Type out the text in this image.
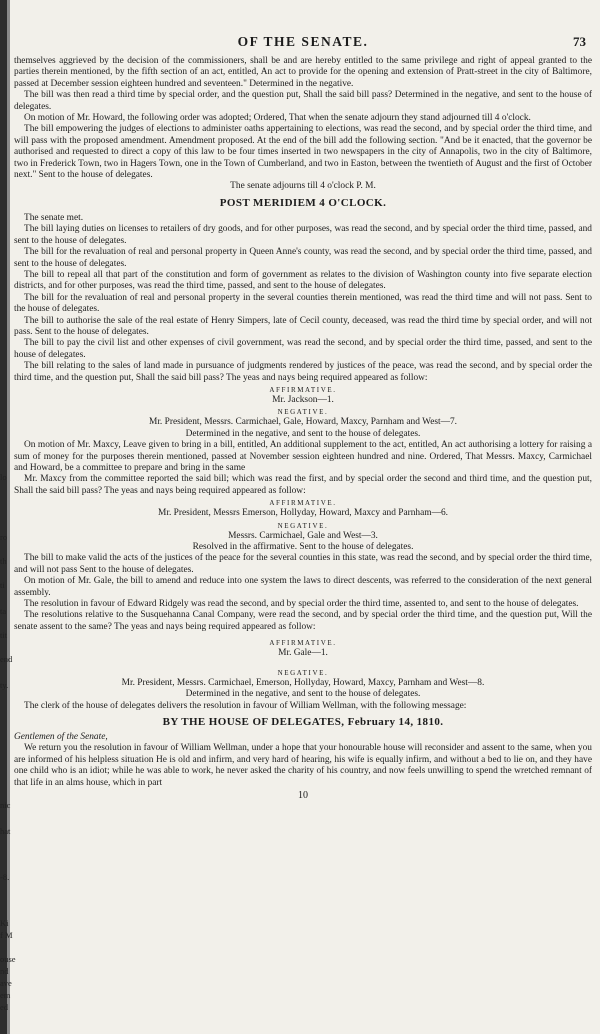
lo
ro
th
ti
ta
tit
end
ty.
nic
hat
-8.
Ki
f M
ouse
nd
ave
em
ed
OF THE SENATE.	73

themselves aggrieved by the decision of the commissioners, shall be and are hereby entitled to the same privilege and right of appeal granted to the parties therein mentioned, by the fifth section of an act, entitled, An act to provide for the opening and extension of Pratt-street in the city of Baltimore, passed at December session eighteen hundred and seventeen." Determined in the negative.

The bill was then read a third time by special order, and the question put, Shall the said bill pass? Determined in the negative, and sent to the house of delegates.

On motion of Mr. Howard, the following order was adopted; Ordered, That when the senate adjourn they stand adjourned till 4 o'clock.

The bill empowering the judges of elections to administer oaths appertaining to elections, was read the second, and by special order the third time, and will pass with the proposed amendment. Amendment proposed. At the end of the bill add the following section. "And be it enacted, that the governor be authorised and requested to direct a copy of this law to be four times inserted in two newspapers in the city of Annapolis, two in the city of Baltimore, two in Frederick Town, two in Hagers Town, one in the Town of Cumberland, and two in Easton, between the twentieth of August and the first of October next." Sent to the house of delegates.

The senate adjourns till 4 o'clock P. M.

POST MERIDIEM 4 O'CLOCK.

The senate met.

The bill laying duties on licenses to retailers of dry goods, and for other purposes, was read the second, and by special order the third time, passed, and sent to the house of delegates.

The bill for the revaluation of real and personal property in Queen Anne's county, was read the second, and by special order the third time, passed, and sent to the house of delegates.

The bill to repeal all that part of the constitution and form of government as relates to the division of Washington county into five separate election districts, and for other purposes, was read the third time, passed, and sent to the house of delegates.

The bill for the revaluation of real and personal property in the several counties therein mentioned, was read the third time and will not pass. Sent to the house of delegates.

The bill to authorise the sale of the real estate of Henry Simpers, late of Cecil county, deceased, was read the third time by special order, and will not pass. Sent to the house of delegates.

The bill to pay the civil list and other expenses of civil government, was read the second, and by special order the third time, passed, and sent to the house of delegates.

The bill relating to the sales of land made in pursuance of judgments rendered by justices of the peace, was read the second, and by special order the third time, and the question put, Shall the said bill pass? The yeas and nays being required appeared as follow:

AFFIRMATIVE.
Mr. Jackson—1.
NEGATIVE.
Mr. President, Messrs. Carmichael, Gale, Howard, Maxcy, Parnham and West—7.

Determined in the negative, and sent to the house of delegates.

On motion of Mr. Maxcy, Leave given to bring in a bill, entitled, An additional supplement to the act, entitled, An act authorising a lottery for raising a sum of money for the purposes therein mentioned, passed at November session eighteen hundred and nine. Ordered, That Messrs. Maxcy, Carmichael and Howard, be a committee to prepare and bring in the same

Mr. Maxcy from the committee reported the said bill; which was read the first, and by special order the second and third time, and the question put, Shall the said bill pass? The yeas and nays being required appeared as follow:

AFFIRMATIVE.
Mr. President, Messrs Emerson, Hollyday, Howard, Maxcy and Parnham—6.
NEGATIVE.
Messrs. Carmichael, Gale and West—3.

Resolved in the affirmative. Sent to the house of delegates.

The bill to make valid the acts of the justices of the peace for the several counties in this state, was read the second, and by special order the third time, and will not pass Sent to the house of delegates.

On motion of Mr. Gale, the bill to amend and reduce into one system the laws to direct descents, was referred to the consideration of the next general assembly.

The resolution in favour of Edward Ridgely was read the second, and by special order the third time, assented to, and sent to the house of delegates.

The resolutions relative to the Susquehanna Canal Company, were read the second, and by special order the third time, and the question put, Will the senate assent to the same? The yeas and nays being required appeared as follow:

AFFIRMATIVE.
Mr. Gale—1.
NEGATIVE.
Mr. President, Messrs. Carmichael, Emerson, Hollyday, Howard, Maxcy, Parnham and West—8.

Determined in the negative, and sent to the house of delegates.

The clerk of the house of delegates delivers the resolution in favour of William Wellman, with the following message:

BY THE HOUSE OF DELEGATES, February 14, 1810.

Gentlemen of the Senate,

We return you the resolution in favour of William Wellman, under a hope that your honourable house will reconsider and assent to the same, when you are informed of his helpless situation He is old and infirm, and very hard of hearing, his wife is equally infirm, and without a bed to lie on, and they have one child who is an idiot; while he was able to work, he never asked the charity of his country, and now feels unwilling to spend the wretched remnant of that life in an alms house, which in part

10
